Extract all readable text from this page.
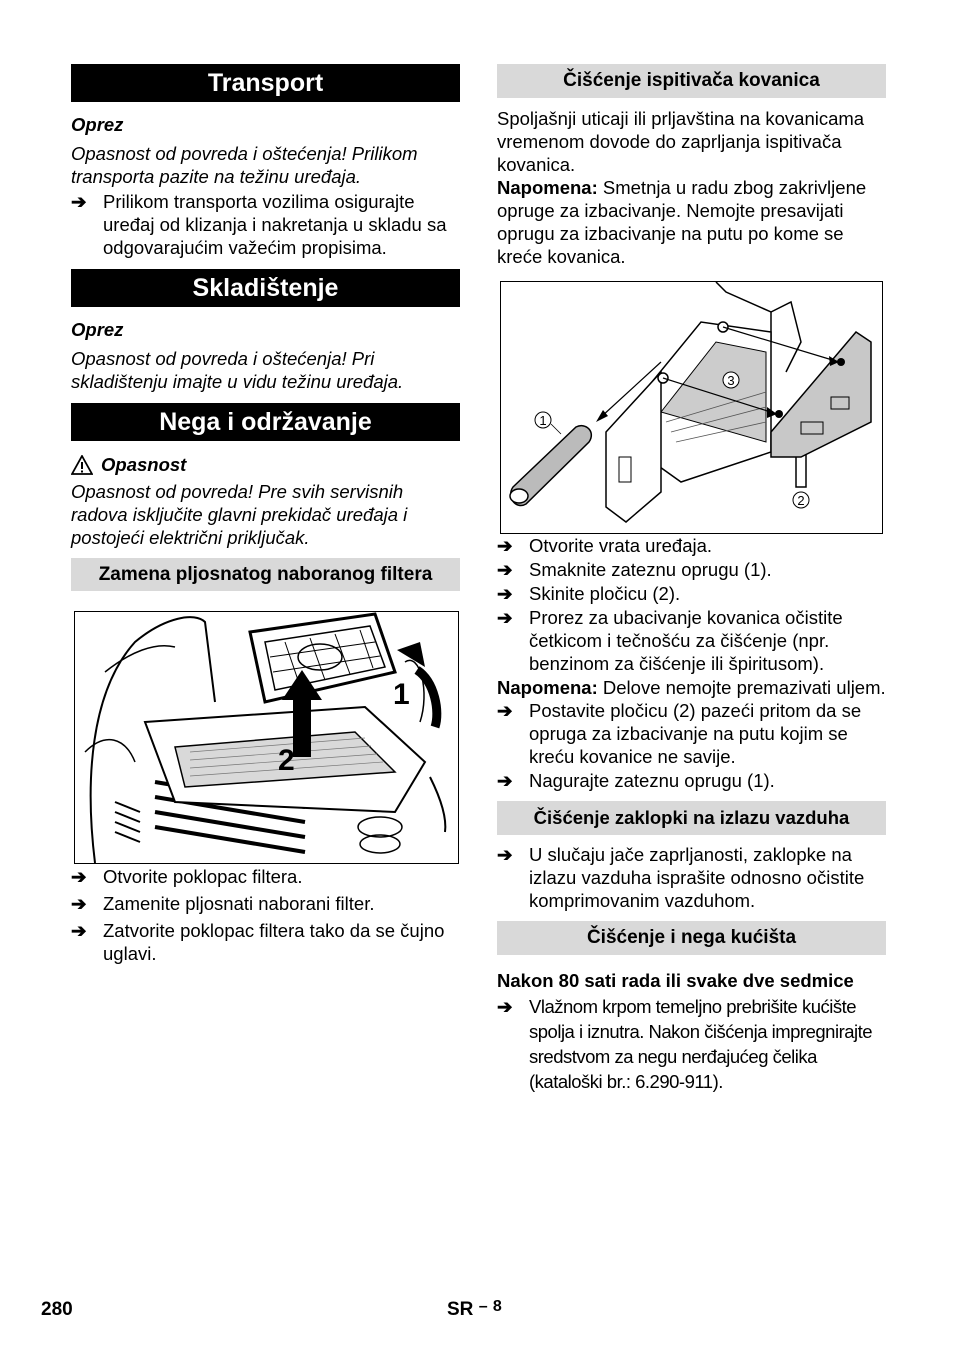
Transport
Oprez
Opasnost od povreda i oštećenja! Prilikom transporta pazite na težinu uređaja.
➔ Prilikom transporta vozilima osigurajte uređaj od klizanja i nakretanja u skladu sa odgovarajućim važećim propisima.
Skladištenje
Oprez
Opasnost od povreda i oštećenja! Pri skladištenju imajte u vidu težinu uređaja.
Nega i održavanje
Opasnost
Opasnost od povreda! Pre svih servisnih radova isključite glavni prekidač uređaja i postojeći električni priključak.
Zamena pljosnatog naboranog filtera
1
2
➔ Otvorite poklopac filtera.
➔ Zamenite pljosnati naborani filter.
➔ Zatvorite poklopac filtera tako da se čujno uglavi.
Čišćenje ispitivača kovanica
Spoljašnji uticaji ili prljavština na kovanicama vremenom dovode do zaprljanja ispitivača kovanica.
Napomena: Smetnja u radu zbog zakrivljene opruge za izbacivanje. Nemojte presavijati oprugu za izbacivanje na putu po kome se kreće kovanica.
1
2
3
➔ Otvorite vrata uređaja.
➔ Smaknite zateznu oprugu (1).
➔ Skinite pločicu (2).
➔ Prorez za ubacivanje kovanica očistite četkicom i tečnošću za čišćenje (npr. benzinom za čišćenje ili špiritusom).
Napomena: Delove nemojte premazivati uljem.
➔ Postavite pločicu (2) pazeći pritom da se opruga za izbacivanje na putu kojim se kreću kovanice ne savije.
➔ Nagurajte zateznu oprugu (1).
Čišćenje zaklopki na izlazu vazduha
➔ U slučaju jače zaprljanosti, zaklopke na izlazu vazduha isprašite odnosno očistite komprimovanim vazduhom.
Čišćenje i nega kućišta
Nakon 80 sati rada ili svake dve sedmice
➔ Vlažnom krpom temeljno prebrišite kućište spolja i iznutra. Nakon čišćenja impregnirajte sredstvom za negu nerđajućeg čelika (kataloški br.: 6.290-911).
280	SR – $^8$
